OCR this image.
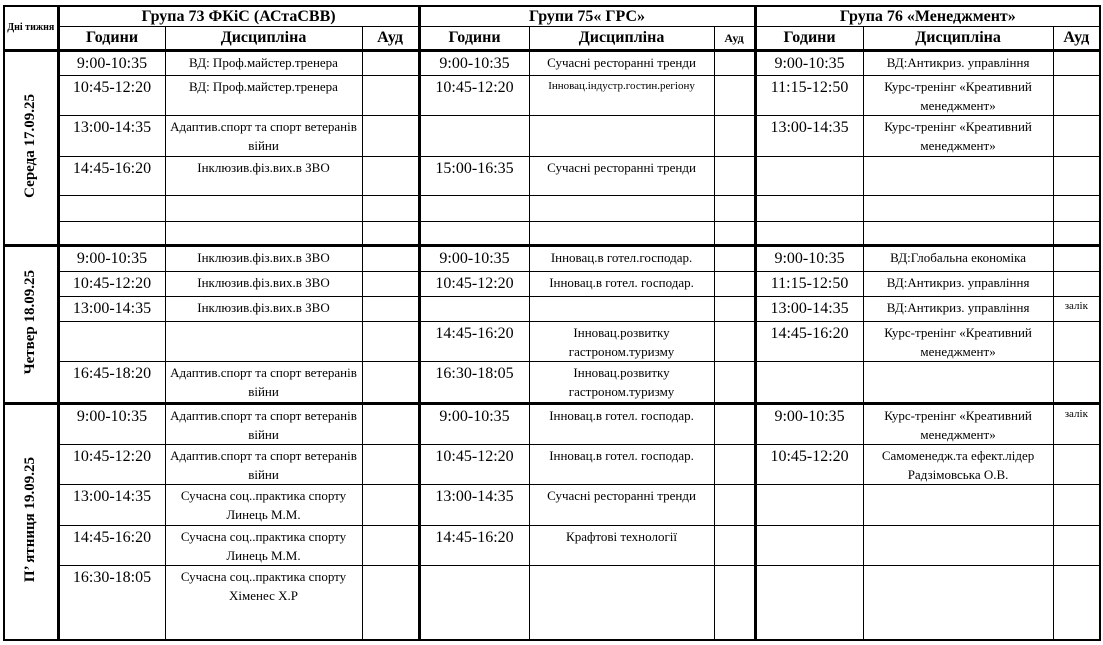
Дні тижня	Група 73 ФКіС (АСтаСВВ)			Групи 75« ГРС»			Група 76 «Менеджмент»		
	Години	Дисципліна	Ауд	Години	Дисципліна	Ауд	Години	Дисципліна	Ауд
Середа 17.09.25	9:00-10:35	ВД: Проф.майстер.тренера		9:00-10:35	Сучасні ресторанні тренди		9:00-10:35	ВД:Антикриз. управління	
	10:45-12:20	ВД: Проф.майстер.тренера		10:45-12:20	Інновац.індустр.гостин.регіону		11:15-12:50	Курс-тренінг «Креативний менеджмент»	
	13:00-14:35	Адаптив.спорт та спорт ветеранів війни					13:00-14:35	Курс-тренінг «Креативний менеджмент»	
	14:45-16:20	Інклюзив.фіз.вих.в ЗВО		15:00-16:35	Сучасні ресторанні тренди				

Четвер 18.09.25	9:00-10:35	Інклюзив.фіз.вих.в ЗВО		9:00-10:35	Інновац.в готел.господар.		9:00-10:35	ВД:Глобальна економіка	
	10:45-12:20	Інклюзив.фіз.вих.в ЗВО		10:45-12:20	Інновац.в готел. господар.		11:15-12:50	ВД:Антикриз. управління	
	13:00-14:35	Інклюзив.фіз.вих.в ЗВО					13:00-14:35	ВД:Антикриз. управління	залік
				14:45-16:20	Інновац.розвитку гастроном.туризму		14:45-16:20	Курс-тренінг «Креативний менеджмент»	
	16:45-18:20	Адаптив.спорт та спорт ветеранів війни		16:30-18:05	Інновац.розвитку гастроном.туризму				
П’ ятниця 19.09.25	9:00-10:35	Адаптив.спорт та спорт ветеранів війни		9:00-10:35	Інновац.в готел. господар.		9:00-10:35	Курс-тренінг «Креативний менеджмент»	залік
	10:45-12:20	Адаптив.спорт та спорт ветеранів війни		10:45-12:20	Інновац.в готел. господар.		10:45-12:20	Самоменедж.та ефект.лідер Радзімовська О.В.	
	13:00-14:35	Сучасна соц..практика спорту Линець М.М.		13:00-14:35	Сучасні ресторанні тренди				
	14:45-16:20	Сучасна соц..практика спорту Линець М.М.		14:45-16:20	Крафтові технології				
	16:30-18:05	Сучасна соц..практика спорту Хіменес Х.Р							
